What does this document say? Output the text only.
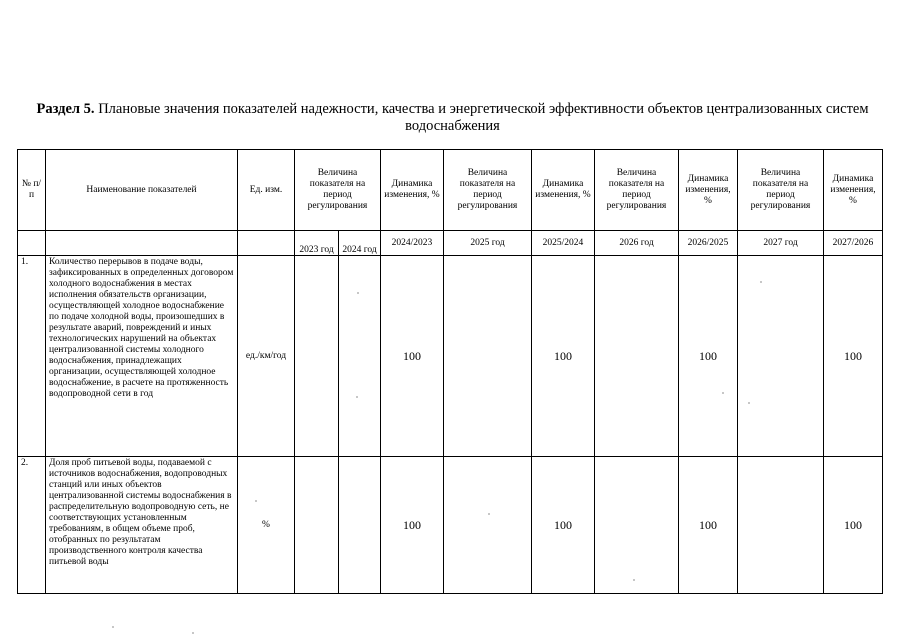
Раздел 5. Плановые значения показателей надежности, качества и энергетической эффективности объектов централизованных систем водоснабжения
№ п/п	Наименование показателей	Ед. изм.	Величина показателя на период регулирования		Динамика изменения, %	Величина показателя на период регулирования	Динамика изменения, %	Величина показателя на период регулирования	Динамика изменения, %	Величина показателя на период регулирования	Динамика изменения, %

			2023 год	2024 год	2024/2023	2025 год	2025/2024	2026 год	2026/2025	2027 год	2027/2026
1.	Количество перерывов в подаче воды, зафиксированных в определенных договором холодного водоснабжения в местах исполнения обязательств организации, осуществляющей холодное водоснабжение по подаче холодной воды, произошедших в результате аварий, повреждений и иных технологических нарушений на объектах централизованной системы холодного водоснабжения, принадлежащих организации, осуществляющей холодное водоснабжение, в расчете на протяженность водопроводной сети в год	ед./км/год			100		100		100		100
2.	Доля проб питьевой воды, подаваемой с источников водоснабжения, водопроводных станций или иных объектов централизованной системы водоснабжения в распределительную водопроводную сеть, не соответствующих установленным требованиям, в общем объеме проб, отобранных по результатам производственного контроля качества питьевой воды	%			100		100		100		100
